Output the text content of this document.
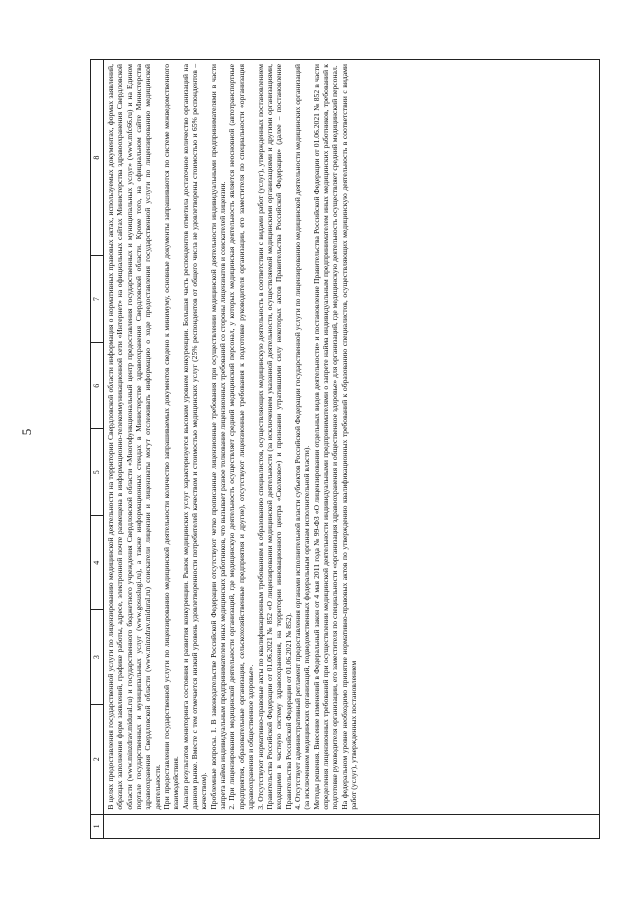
5
1
2
3
4
5
6
7
8 В целях предоставления государственной услуги по лицензированию медицинской деятельности на территории Свердловской области информация о нормативных правовых актах, используемых документах, формах заявлений, образцах заполнения форм заявлений, графике работы, адресе, электронной почте размещена в информационно-телекоммуникационной сети «Интернет» на официальных сайтах Министерства здравоохранения Свердловской области (www.minzdrav.midural.ru) и государственного бюджетного учреждения Свердловской области «Многофункциональный центр предоставления государственных и муниципальных услуг» (www.mfc66.ru) и на Едином портале государственных и муниципальных услуг (www.gosuslugi.ru), а также информационных стендах в Министерстве здравоохранения Свердловской области. Кроме того, на официальном сайте Министерства здравоохранения Свердловской области (www.minzdrav.midural.ru) соискатели лицензии и лицензиаты могут отслеживать информацию о ходе предоставления государственной услуги по лицензированию медицинской деятельности. При предоставлении государственной услуги по лицензированию медицинской деятельности количество запрашиваемых документов сведено к минимуму, основные документы запрашиваются по системе межведомственного взаимодействия. Анализ результатов мониторинга состояния и развития конкуренции. Рынок медицинских услуг характеризуется высоким уровнем конкуренции. Большая часть респондентов отметила достаточное количество организаций на данном рынке. Вместе с тем отмечается низкий уровень удовлетворенности потребителей качеством и стоимостью медицинских услуг (25% респондентов от общего числа не удовлетворены стоимостью и 65% респондентов – качеством). Проблемные вопросы. 1. В законодательстве Российской Федерации отсутствуют четко прописанные лицензионные требования при осуществлении медицинской деятельности индивидуальными предпринимателями в части запрета найма индивидуальным предпринимателем иных медицинских работников, что вызывает разное толкование лицензионных требований со стороны лицензиатов и соискателей лицензии. 2. При лицензировании медицинской деятельности организаций, где медицинскую деятельность осуществляет средний медицинский персонал, у которых медицинская деятельность является неосновной (автотранспортные предприятия, образовательные организации, сельскохозяйственные предприятия и другие), отсутствуют лицензионные требования к подготовке руководителя организации, его заместителя по специальности «организация здравоохранения и общественное здоровье». 3. Отсутствуют нормативно-правовые акты по квалификационным требованиям к образованию специалистов, осуществляющих медицинскую деятельность в соответствии с видами работ (услуг), утвержденных постановлением Правительства Российской Федерации от 01.06.2021 № 852 «О лицензировании медицинской деятельности (за исключением указанной деятельности, осуществляемой медицинскими организациями и другими организациями, входящими в частную систему здравоохранения, на территории инновационного центра «Сколково») и признании утратившими силу некоторых актов Правительства Российской Федерации» (далее – постановление Правительства Российской Федерации от 01.06.2021 № 852). 4. Отсутствует административный регламент предоставления органами исполнительной власти субъектов Российской Федерации государственной услуги по лицензированию медицинской деятельности медицинских организаций (за исключением медицинских организаций, подведомственных федеральным органам исполнительной власти). Методы решения. Внесение изменений в Федеральный закон от 4 мая 2011 года № 99-ФЗ «О лицензировании отдельных видов деятельности» и постановление Правительства Российской Федерации от 01.06.2021 № 852 в части определения лицензионных требований при осуществлении медицинской деятельности индивидуальными предпринимателями о запрете найма индивидуальным предпринимателем иных медицинских работников, требований к подготовке руководителя организации, его заместителя по специальности «организация здравоохранения и общественное здоровье» для организаций, где медицинскую деятельность осуществляет средний медицинский персонал. На федеральном уровне необходимо принятие нормативно-правовых актов по утверждению квалификационных требований к образованию специалистов, осуществляющих медицинскую деятельность в соответствии с видами работ (услуг), утвержденных постановлением
